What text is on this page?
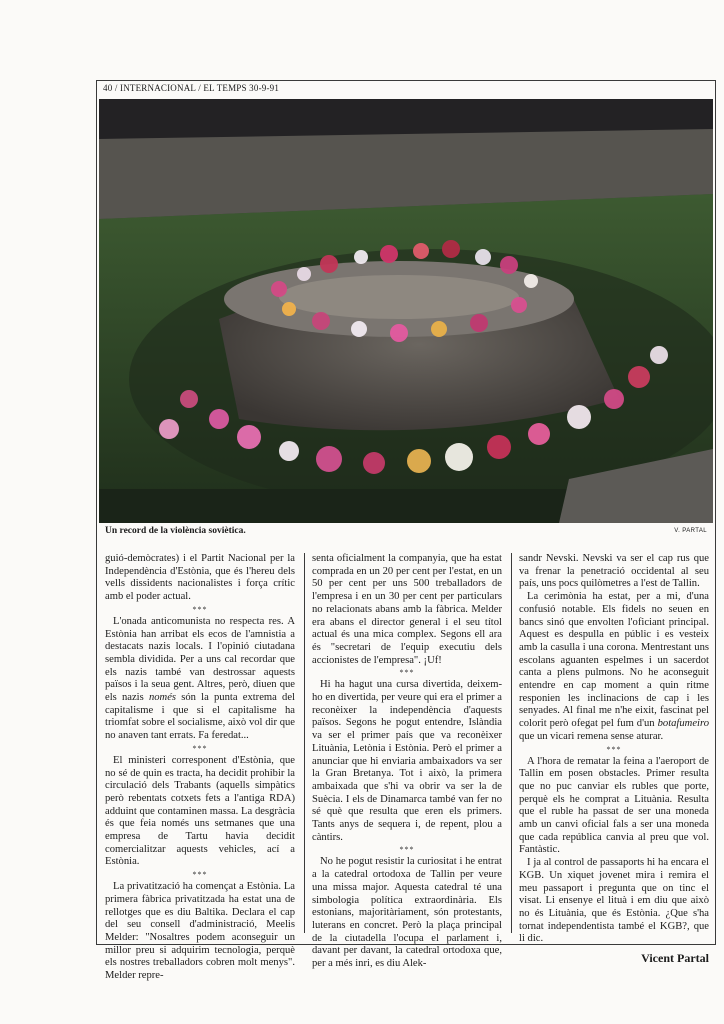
40 / INTERNACIONAL / EL TEMPS 30-9-91
Un record de la violència soviètica.	V. PARTAL

guió-demòcrates) i el Partit Nacional per la Independència d'Estònia, que és l'hereu dels vells dissidents nacionalistes i força crític amb el poder actual.

***

L'onada anticomunista no respecta res. A Estònia han arribat els ecos de l'amnistia a destacats nazis locals. I l'opinió ciutadana sembla dividida. Per a uns cal recordar que els nazis també van destrossar aquests països i la seua gent. Altres, però, diuen que els nazis només són la punta extrema del capitalisme i que si el capitalisme ha triomfat sobre el socialisme, això vol dir que no anaven tant errats. Fa feredat...

***

El ministeri corresponent d'Estònia, que no sé de quin es tracta, ha decidit prohibir la circulació dels Trabants (aquells simpàtics però rebentats cotxets fets a l'antiga RDA) adduint que contaminen massa. La desgràcia és que feia només uns setmanes que una empresa de Tartu havia decidit comercialitzar aquests vehicles, ací a Estònia.

***

La privatització ha començat a Estònia. La primera fàbrica privatitzada ha estat una de rellotges que es diu Baltika. Declara el cap del seu consell d'administració, Meelis Melder: "Nosaltres podem aconseguir un millor preu si adquirim tecnologia, perquè els nostres treballadors cobren molt menys". Melder repre-

senta oficialment la companyia, que ha estat comprada en un 20 per cent per l'estat, en un 50 per cent per uns 500 treballadors de l'empresa i en un 30 per cent per particulars no relacionats abans amb la fàbrica. Melder era abans el director general i el seu títol actual és una mica complex. Segons ell ara és "secretari de l'equip executiu dels accionistes de l'empresa". ¡Uf!

***

Hi ha hagut una cursa divertida, deixem-ho en divertida, per veure qui era el primer a reconèixer la independència d'aquests països. Segons he pogut entendre, Islàndia va ser el primer país que va reconèixer Lituània, Letònia i Estònia. Però el primer a anunciar que hi enviaria ambaixadors va ser la Gran Bretanya. Tot i això, la primera ambaixada que s'hi va obrir va ser la de Suècia. I els de Dinamarca també van fer no sé què que resulta que eren els primers. Tants anys de sequera i, de repent, plou a càntirs.

***

No he pogut resistir la curiositat i he entrat a la catedral ortodoxa de Tallin per veure una missa major. Aquesta catedral té una simbologia política extraordinària. Els estonians, majoritàriament, són protestants, luterans en concret. Però la plaça principal de la ciutadella l'ocupa el parlament i, davant per davant, la catedral ortodoxa que, per a més inri, es diu Alek-

sandr Nevski. Nevski va ser el cap rus que va frenar la penetració occidental al seu país, uns pocs quilòmetres a l'est de Tallin.

La cerimònia ha estat, per a mi, d'una confusió notable. Els fidels no seuen en bancs sinó que envolten l'oficiant principal. Aquest es despulla en públic i es vesteix amb la casulla i una corona. Mentrestant uns escolans aguanten espelmes i un sacerdot canta a plens pulmons. No he aconseguit entendre en cap moment a quin ritme responien les inclinacions de cap i les senyades. Al final me n'he eixit, fascinat pel colorit però ofegat pel fum d'un botafumeiro que un vicari remena sense aturar.

***

A l'hora de rematar la feina a l'aeroport de Tallin em posen obstacles. Primer resulta que no puc canviar els rubles que porte, perquè els he comprat a Lituània. Resulta que el ruble ha passat de ser una moneda amb un canvi oficial fals a ser una moneda que cada república canvia al preu que vol. Fantàstic.

I ja al control de passaports hi ha encara el KGB. Un xiquet jovenet mira i remira el meu passaport i pregunta que on tinc el visat. Li ensenye el lituà i em diu que això no és Lituània, que és Estònia. ¿Que s'ha tornat independentista també el KGB?, que li dic.

Vicent Partal
